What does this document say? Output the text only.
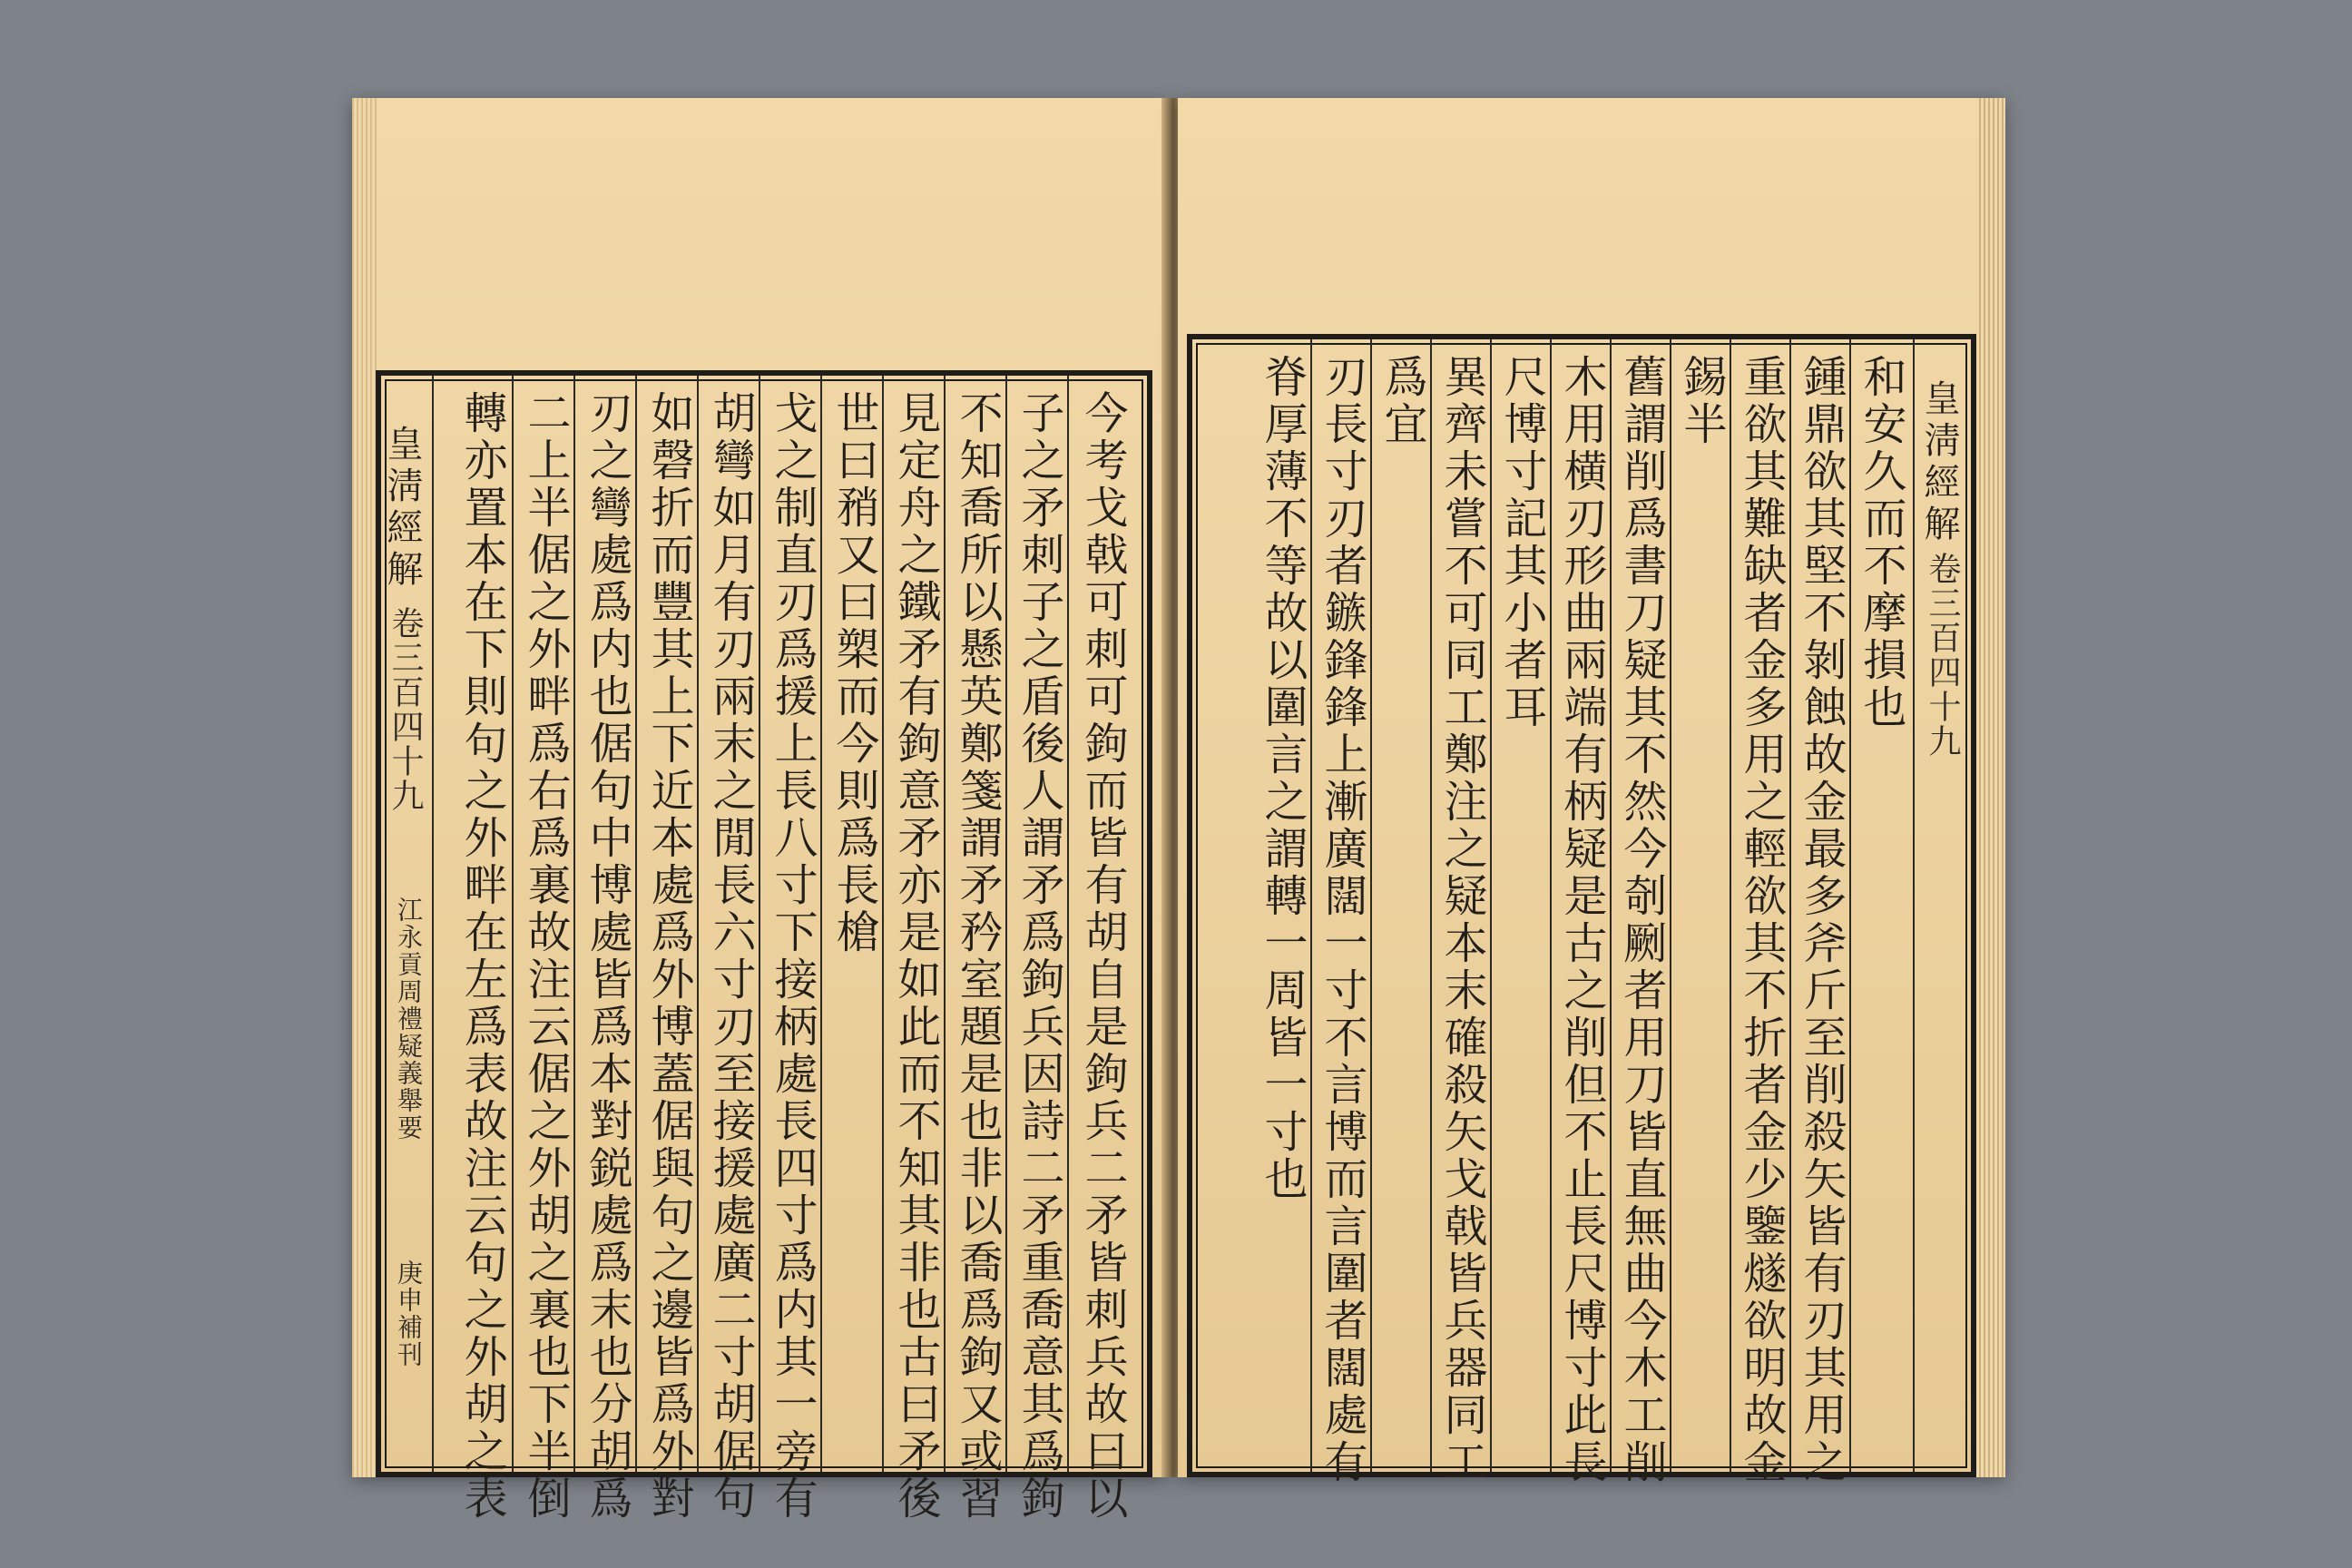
皇淸經解
卷三百四十九
江永貢周禮疑義舉要
庚申補刊	今考戈戟可刺可鉤而皆有胡自是鉤兵二矛皆刺兵故曰以
子之矛刺子之盾後人謂矛爲鉤兵因詩二矛重喬意其爲鉤
不知喬所以懸英鄭箋謂矛矜室題是也非以喬爲鉤又或習
見定舟之鐵矛有鉤意矛亦是如此而不知其非也古曰矛後
世曰矟又曰槊而今則爲長槍
戈之制直刃爲援上長八寸下接柄處長四寸爲内其一旁有
胡彎如月有刃兩末之閒長六寸刃至接援處廣二寸胡倨句
如磬折而豐其上下近本處爲外博蓋倨與句之邊皆爲外對
刃之彎處爲内也倨句中博處皆爲本對鋭處爲末也分胡爲
二上半倨之外畔爲右爲裏故注云倨之外胡之裏也下半倒
轉亦置本在下則句之外畔在左爲表故注云句之外胡之表	皇淸經解
卷三百四十九
和安久而不摩損也
鍾鼎欲其堅不剝蝕故金最多斧斤至削殺矢皆有刃其用之
重欲其難缺者金多用之輕欲其不折者金少鑒燧欲明故金
錫半
舊謂削爲書刀疑其不然今剞劂者用刀皆直無曲今木工削
木用横刃形曲兩端有柄疑是古之削但不止長尺博寸此長
尺博寸記其小者耳
異齊未嘗不可同工鄭注之疑本末確殺矢戈戟皆兵器同工
爲宜
刃長寸刃者鏃鋒鋒上漸廣闊一寸不言博而言圍者闊處有
脊厚薄不等故以圍言之謂轉一周皆一寸也
